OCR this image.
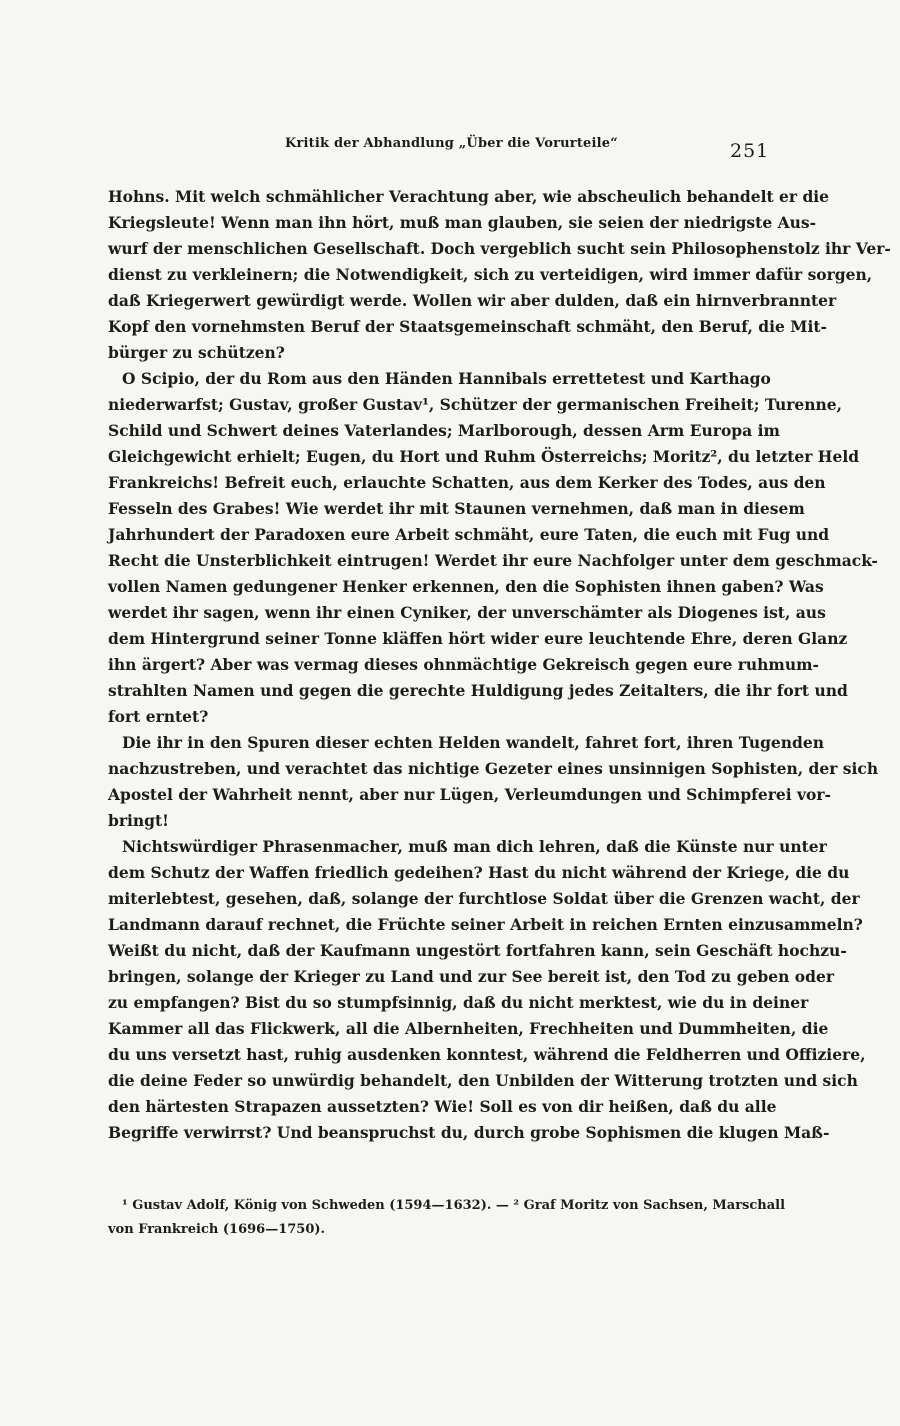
Kritik der Abhandlung „Über die Vorurteile“	251
Hohns. Mit welch schmählicher Verachtung aber, wie abscheulich behandelt er die
Kriegsleute! Wenn man ihn hört, muß man glauben, sie seien der niedrigste Aus-
wurf der menschlichen Gesellschaft. Doch vergeblich sucht sein Philosophenstolz ihr Ver-
dienst zu verkleinern; die Notwendigkeit, sich zu verteidigen, wird immer dafür sorgen,
daß Kriegerwert gewürdigt werde. Wollen wir aber dulden, daß ein hirnverbrannter
Kopf den vornehmsten Beruf der Staatsgemeinschaft schmäht, den Beruf, die Mit-
bürger zu schützen?
O Scipio, der du Rom aus den Händen Hannibals errettetest und Karthago
niederwarfst; Gustav, großer Gustav¹, Schützer der germanischen Freiheit; Turenne,
Schild und Schwert deines Vaterlandes; Marlborough, dessen Arm Europa im
Gleichgewicht erhielt; Eugen, du Hort und Ruhm Österreichs; Moritz², du letzter Held
Frankreichs! Befreit euch, erlauchte Schatten, aus dem Kerker des Todes, aus den
Fesseln des Grabes! Wie werdet ihr mit Staunen vernehmen, daß man in diesem
Jahrhundert der Paradoxen eure Arbeit schmäht, eure Taten, die euch mit Fug und
Recht die Unsterblichkeit eintrugen! Werdet ihr eure Nachfolger unter dem geschmack-
vollen Namen gedungener Henker erkennen, den die Sophisten ihnen gaben? Was
werdet ihr sagen, wenn ihr einen Cyniker, der unverschämter als Diogenes ist, aus
dem Hintergrund seiner Tonne kläffen hört wider eure leuchtende Ehre, deren Glanz
ihn ärgert? Aber was vermag dieses ohnmächtige Gekreisch gegen eure ruhmum-
strahlten Namen und gegen die gerechte Huldigung jedes Zeitalters, die ihr fort und
fort erntet?
Die ihr in den Spuren dieser echten Helden wandelt, fahret fort, ihren Tugenden
nachzustreben, und verachtet das nichtige Gezeter eines unsinnigen Sophisten, der sich
Apostel der Wahrheit nennt, aber nur Lügen, Verleumdungen und Schimpferei vor-
bringt!
Nichtswürdiger Phrasenmacher, muß man dich lehren, daß die Künste nur unter
dem Schutz der Waffen friedlich gedeihen? Hast du nicht während der Kriege, die du
miterlebtest, gesehen, daß, solange der furchtlose Soldat über die Grenzen wacht, der
Landmann darauf rechnet, die Früchte seiner Arbeit in reichen Ernten einzusammeln?
Weißt du nicht, daß der Kaufmann ungestört fortfahren kann, sein Geschäft hochzu-
bringen, solange der Krieger zu Land und zur See bereit ist, den Tod zu geben oder
zu empfangen? Bist du so stumpfsinnig, daß du nicht merktest, wie du in deiner
Kammer all das Flickwerk, all die Albernheiten, Frechheiten und Dummheiten, die
du uns versetzt hast, ruhig ausdenken konntest, während die Feldherren und Offiziere,
die deine Feder so unwürdig behandelt, den Unbilden der Witterung trotzten und sich
den härtesten Strapazen aussetzten? Wie! Soll es von dir heißen, daß du alle
Begriffe verwirrst? Und beanspruchst du, durch grobe Sophismen die klugen Maß-
¹ Gustav Adolf, König von Schweden (1594—1632). — ² Graf Moritz von Sachsen, Marschall
von Frankreich (1696—1750).
